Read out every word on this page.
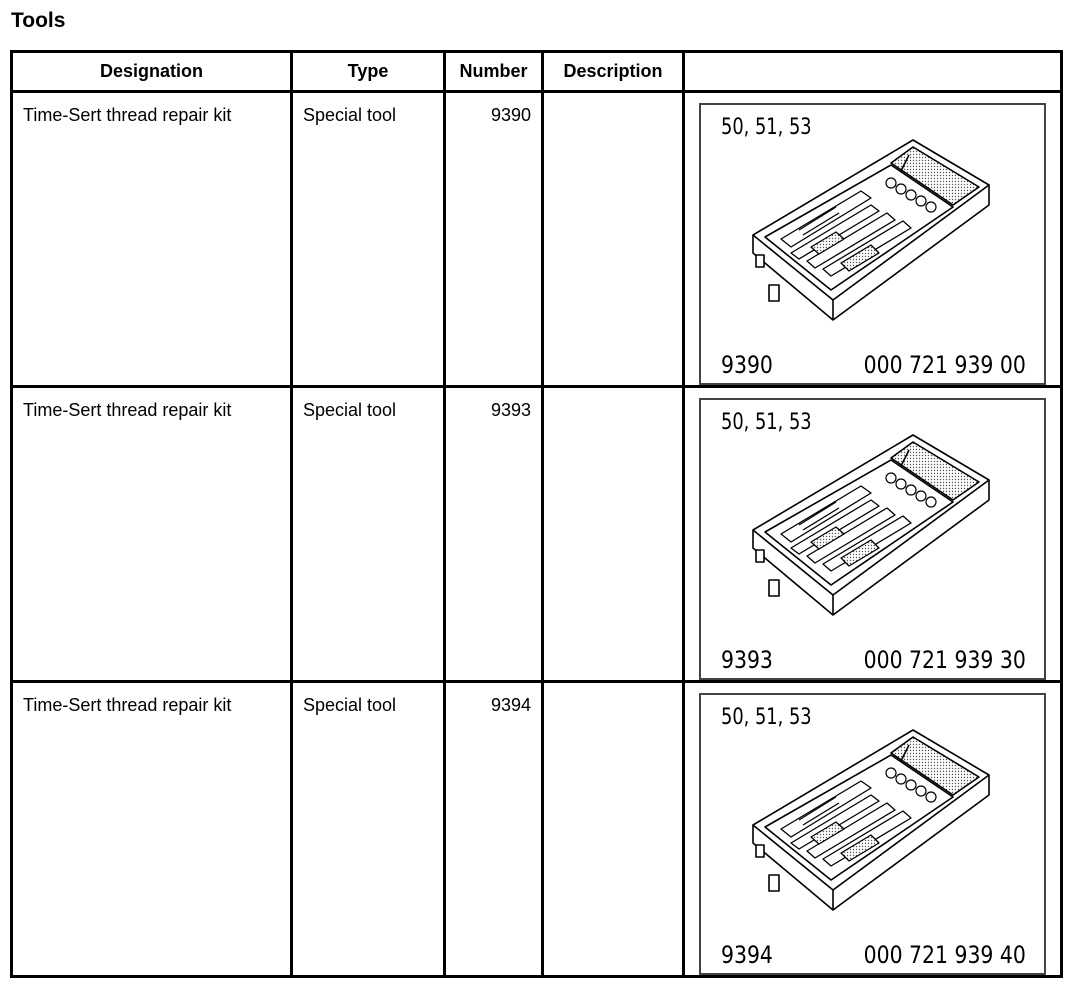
Tools
Designation	Type	Number	Description	

Time-Sert thread repair kit	Special tool	9390		50, 51, 53
9390 000 721 939 00

Time-Sert thread repair kit	Special tool	9393		50, 51, 53
9393 000 721 939 30

Time-Sert thread repair kit	Special tool	9394		50, 51, 53
9394 000 721 939 40
